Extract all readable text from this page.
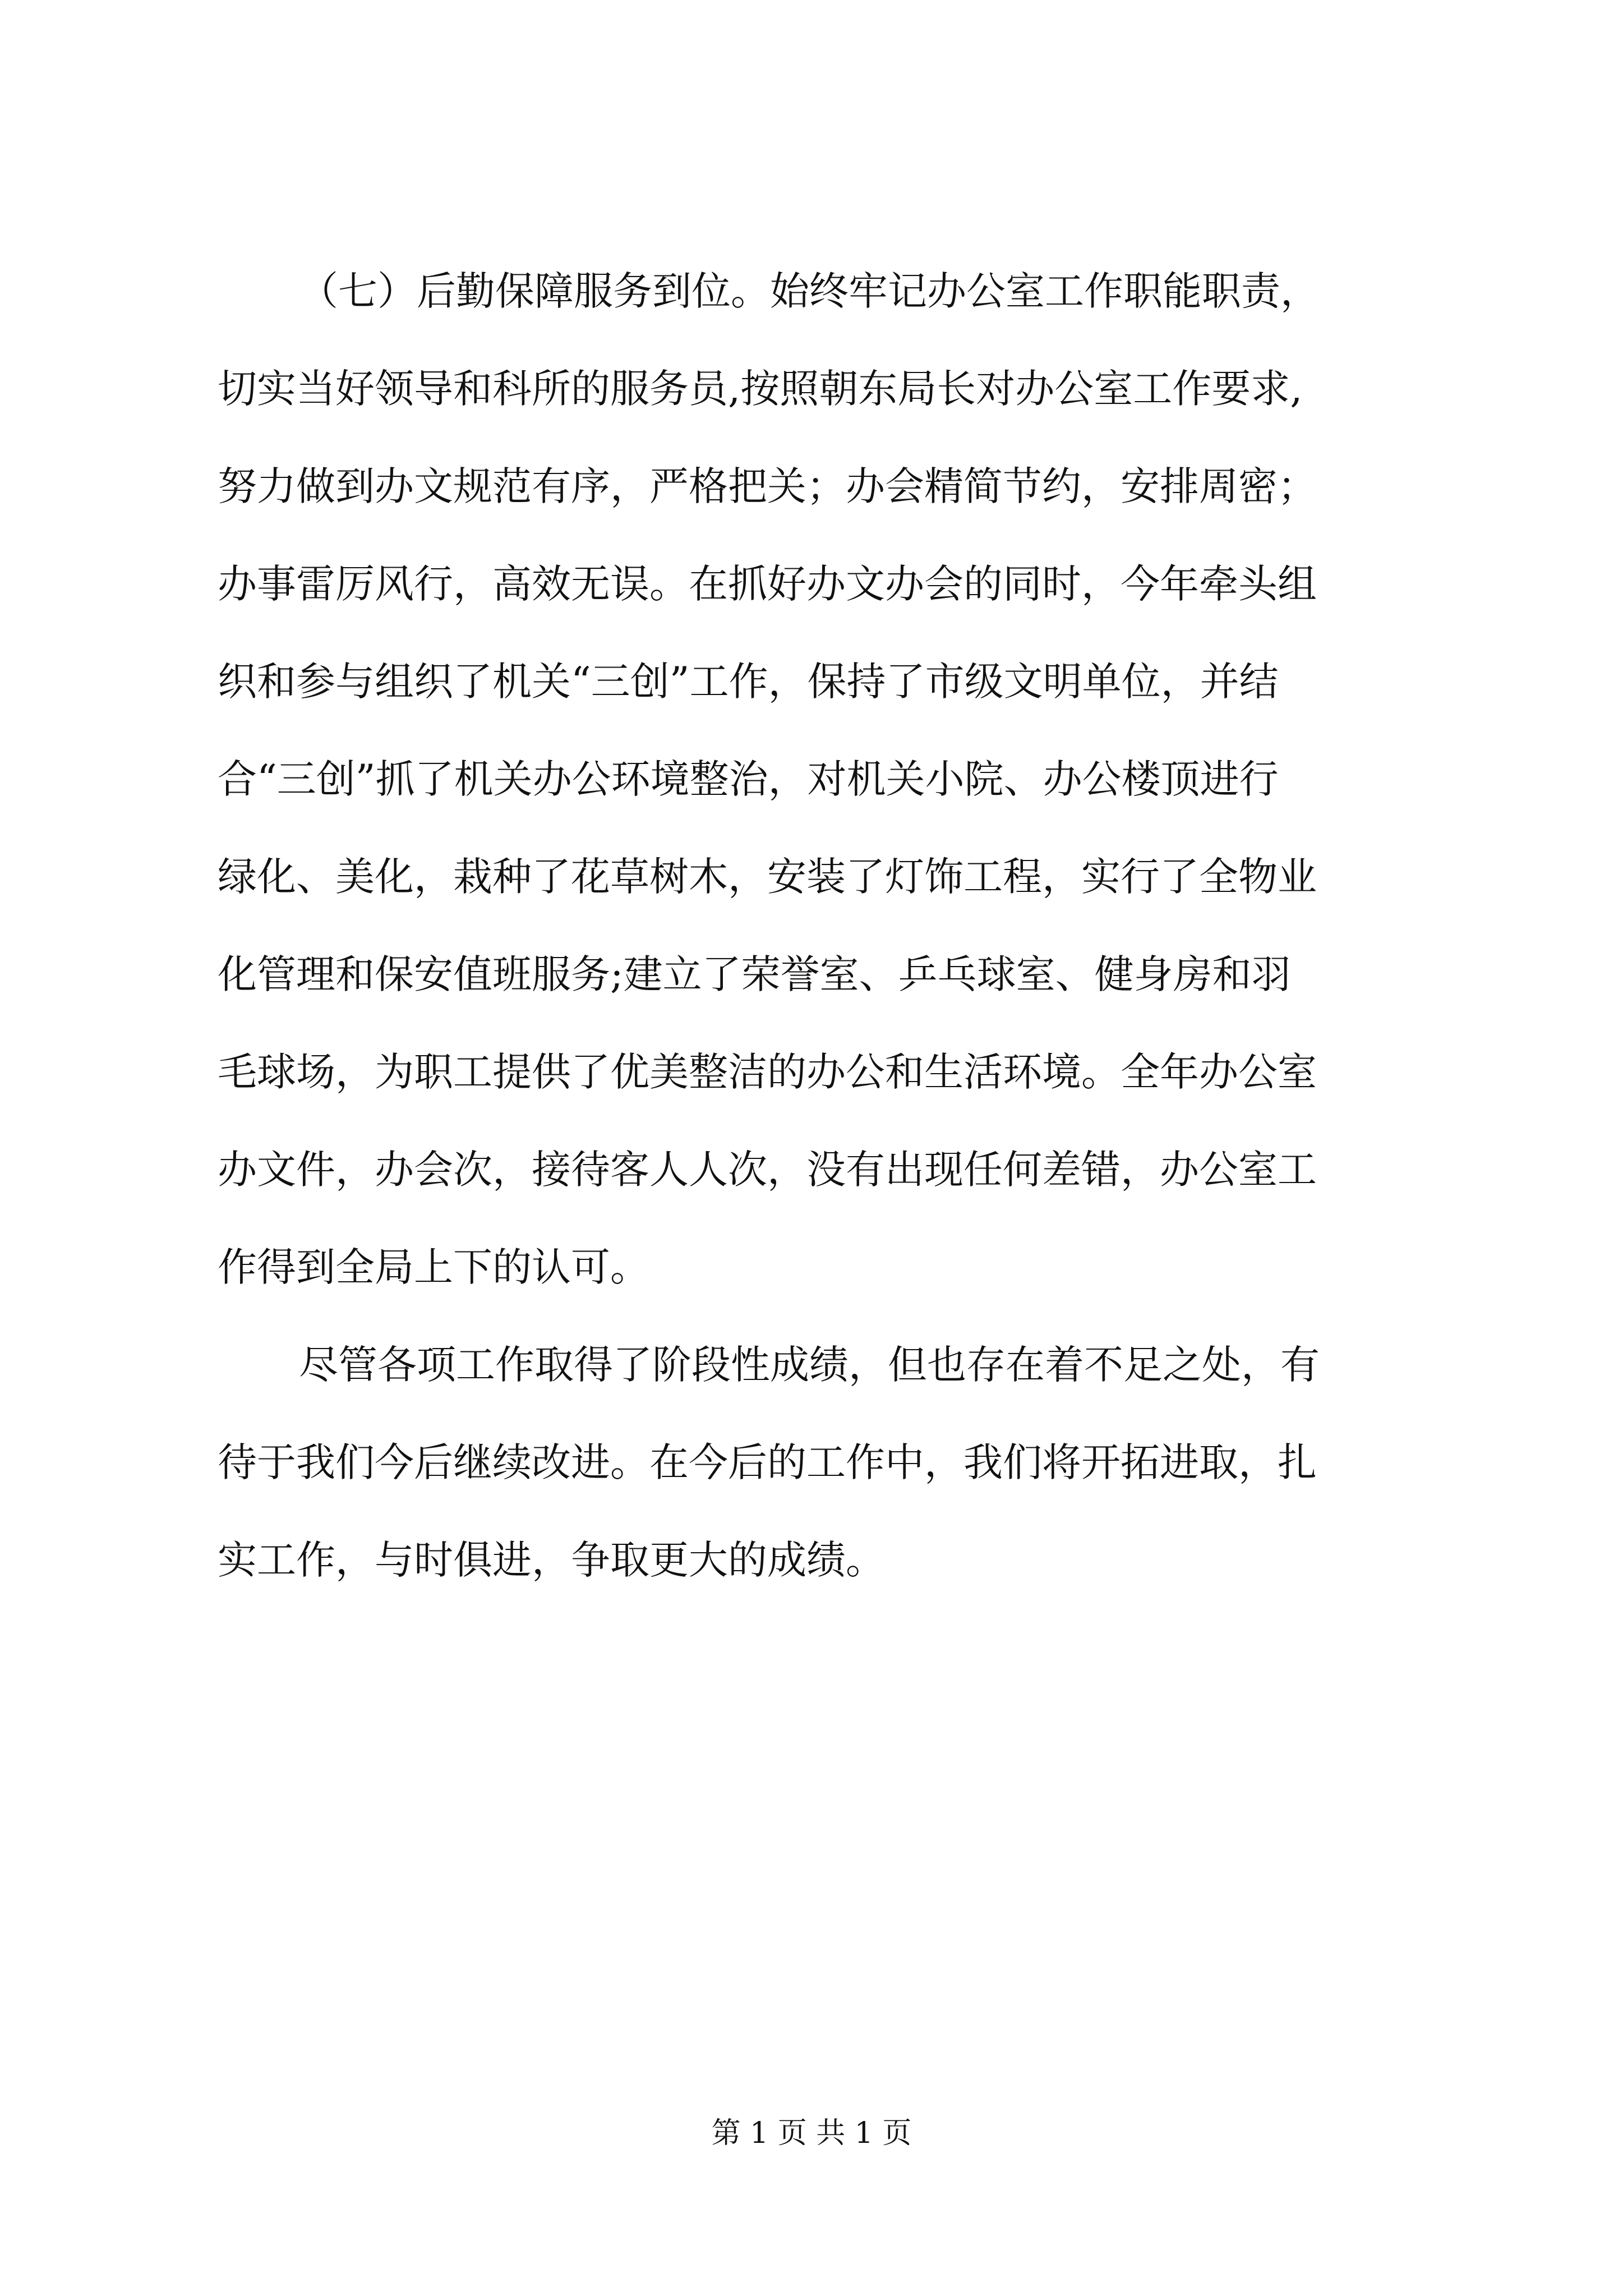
（七）后勤保障服务到位。始终牢记办公室工作职能职责，
切实当好领导和科所的服务员,按照朝东局长对办公室工作要求,
努力做到办文规范有序，严格把关；办会精简节约，安排周密；
办事雷厉风行，高效无误。在抓好办文办会的同时，今年牵头组
织和参与组织了机关“三创”工作，保持了市级文明单位，并结
合“三创”抓了机关办公环境整治，对机关小院、办公楼顶进行
绿化、美化，栽种了花草树木，安装了灯饰工程，实行了全物业
化管理和保安值班服务;建立了荣誉室、乒乓球室、健身房和羽
毛球场，为职工提供了优美整洁的办公和生活环境。全年办公室
办文件，办会次，接待客人人次，没有出现任何差错，办公室工
作得到全局上下的认可。
尽管各项工作取得了阶段性成绩，但也存在着不足之处，有
待于我们今后继续改进。在今后的工作中，我们将开拓进取，扎
实工作，与时俱进，争取更大的成绩。
第 1 页 共 1 页
